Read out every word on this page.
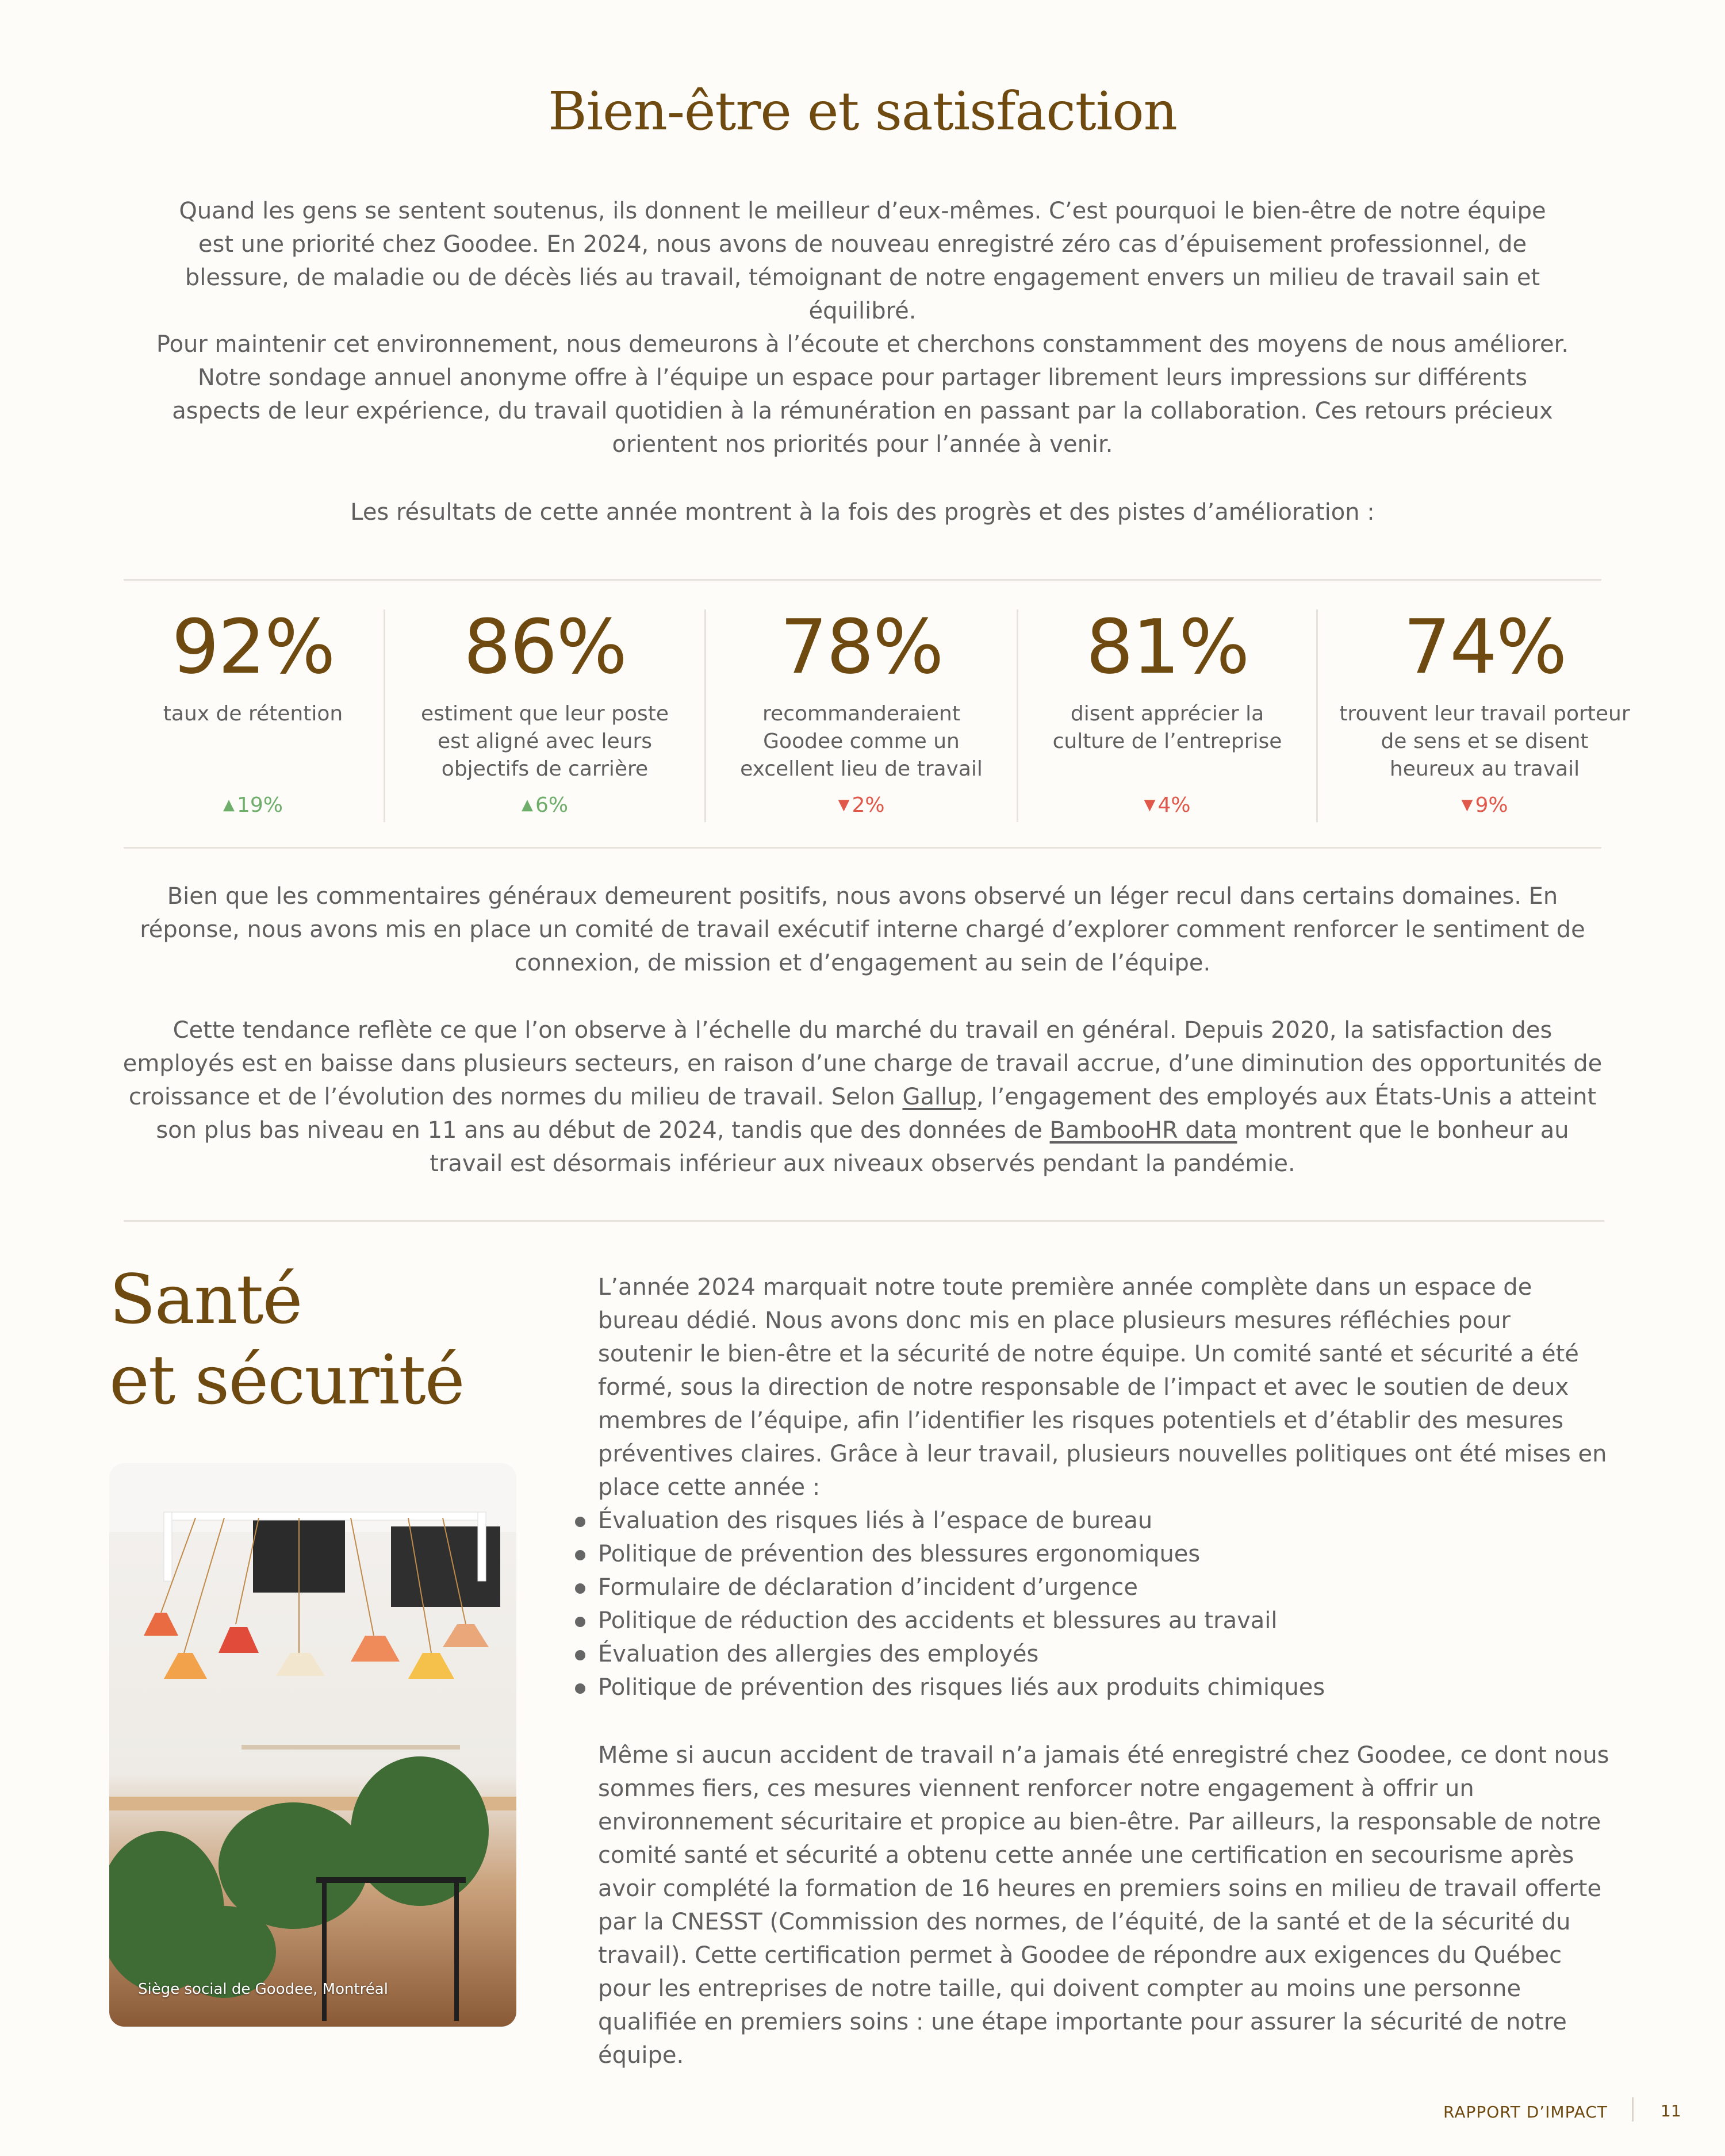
Bien-être et satisfaction

Quand les gens se sentent soutenus, ils donnent le meilleur d’eux-mêmes. C’est pourquoi le bien-être de notre équipe est une priorité chez Goodee. En 2024, nous avons de nouveau enregistré zéro cas d’épuisement professionnel, de blessure, de maladie ou de décès liés au travail, témoignant de notre engagement envers un milieu de travail sain et équilibré.

Pour maintenir cet environnement, nous demeurons à l’écoute et cherchons constamment des moyens de nous améliorer. Notre sondage annuel anonyme offre à l’équipe un espace pour partager librement leurs impressions sur différents aspects de leur expérience, du travail quotidien à la rémunération en passant par la collaboration. Ces retours précieux orientent nos priorités pour l’année à venir.

Les résultats de cette année montrent à la fois des progrès et des pistes d’amélioration :

92%
taux de rétention
▲ 19%
86%
estiment que leur poste est aligné avec leurs objectifs de carrière
▲ 6%
78%
recommanderaient Goodee comme un excellent lieu de travail
▼ 2%
81%
disent apprécier la culture de l’entreprise
▼ 4%
74%
trouvent leur travail porteur de sens et se disent heureux au travail
▼ 9%

Bien que les commentaires généraux demeurent positifs, nous avons observé un léger recul dans certains domaines. En réponse, nous avons mis en place un comité de travail exécutif interne chargé d’explorer comment renforcer le sentiment de connexion, de mission et d’engagement au sein de l’équipe.

Cette tendance reflète ce que l’on observe à l’échelle du marché du travail en général. Depuis 2020, la satisfaction des employés est en baisse dans plusieurs secteurs, en raison d’une charge de travail accrue, d’une diminution des opportunités de croissance et de l’évolution des normes du milieu de travail. Selon Gallup, l’engagement des employés aux États-Unis a atteint son plus bas niveau en 11 ans au début de 2024, tandis que des données de BambooHR data montrent que le bonheur au travail est désormais inférieur aux niveaux observés pendant la pandémie.

Santé

et sécurité

Siège social de Goodee, Montréal

L’année 2024 marquait notre toute première année complète dans un espace de bureau dédié. Nous avons donc mis en place plusieurs mesures réfléchies pour soutenir le bien-être et la sécurité de notre équipe. Un comité santé et sécurité a été formé, sous la direction de notre responsable de l’impact et avec le soutien de deux membres de l’équipe, afin l’identifier les risques potentiels et d’établir des mesures préventives claires. Grâce à leur travail, plusieurs nouvelles politiques ont été mises en place cette année :

Évaluation des risques liés à l’espace de bureau
Politique de prévention des blessures ergonomiques
Formulaire de déclaration d’incident d’urgence
Politique de réduction des accidents et blessures au travail
Évaluation des allergies des employés
Politique de prévention des risques liés aux produits chimiques

Même si aucun accident de travail n’a jamais été enregistré chez Goodee, ce dont nous sommes fiers, ces mesures viennent renforcer notre engagement à offrir un environnement sécuritaire et propice au bien-être. Par ailleurs, la responsable de notre comité santé et sécurité a obtenu cette année une certification en secourisme après avoir complété la formation de 16 heures en premiers soins en milieu de travail offerte par la CNESST (Commission des normes, de l’équité, de la santé et de la sécurité du travail). Cette certification permet à Goodee de répondre aux exigences du Québec pour les entreprises de notre taille, qui doivent compter au moins une personne qualifiée en premiers soins : une étape importante pour assurer la sécurité de notre équipe.

RAPPORT D’IMPACT	11
